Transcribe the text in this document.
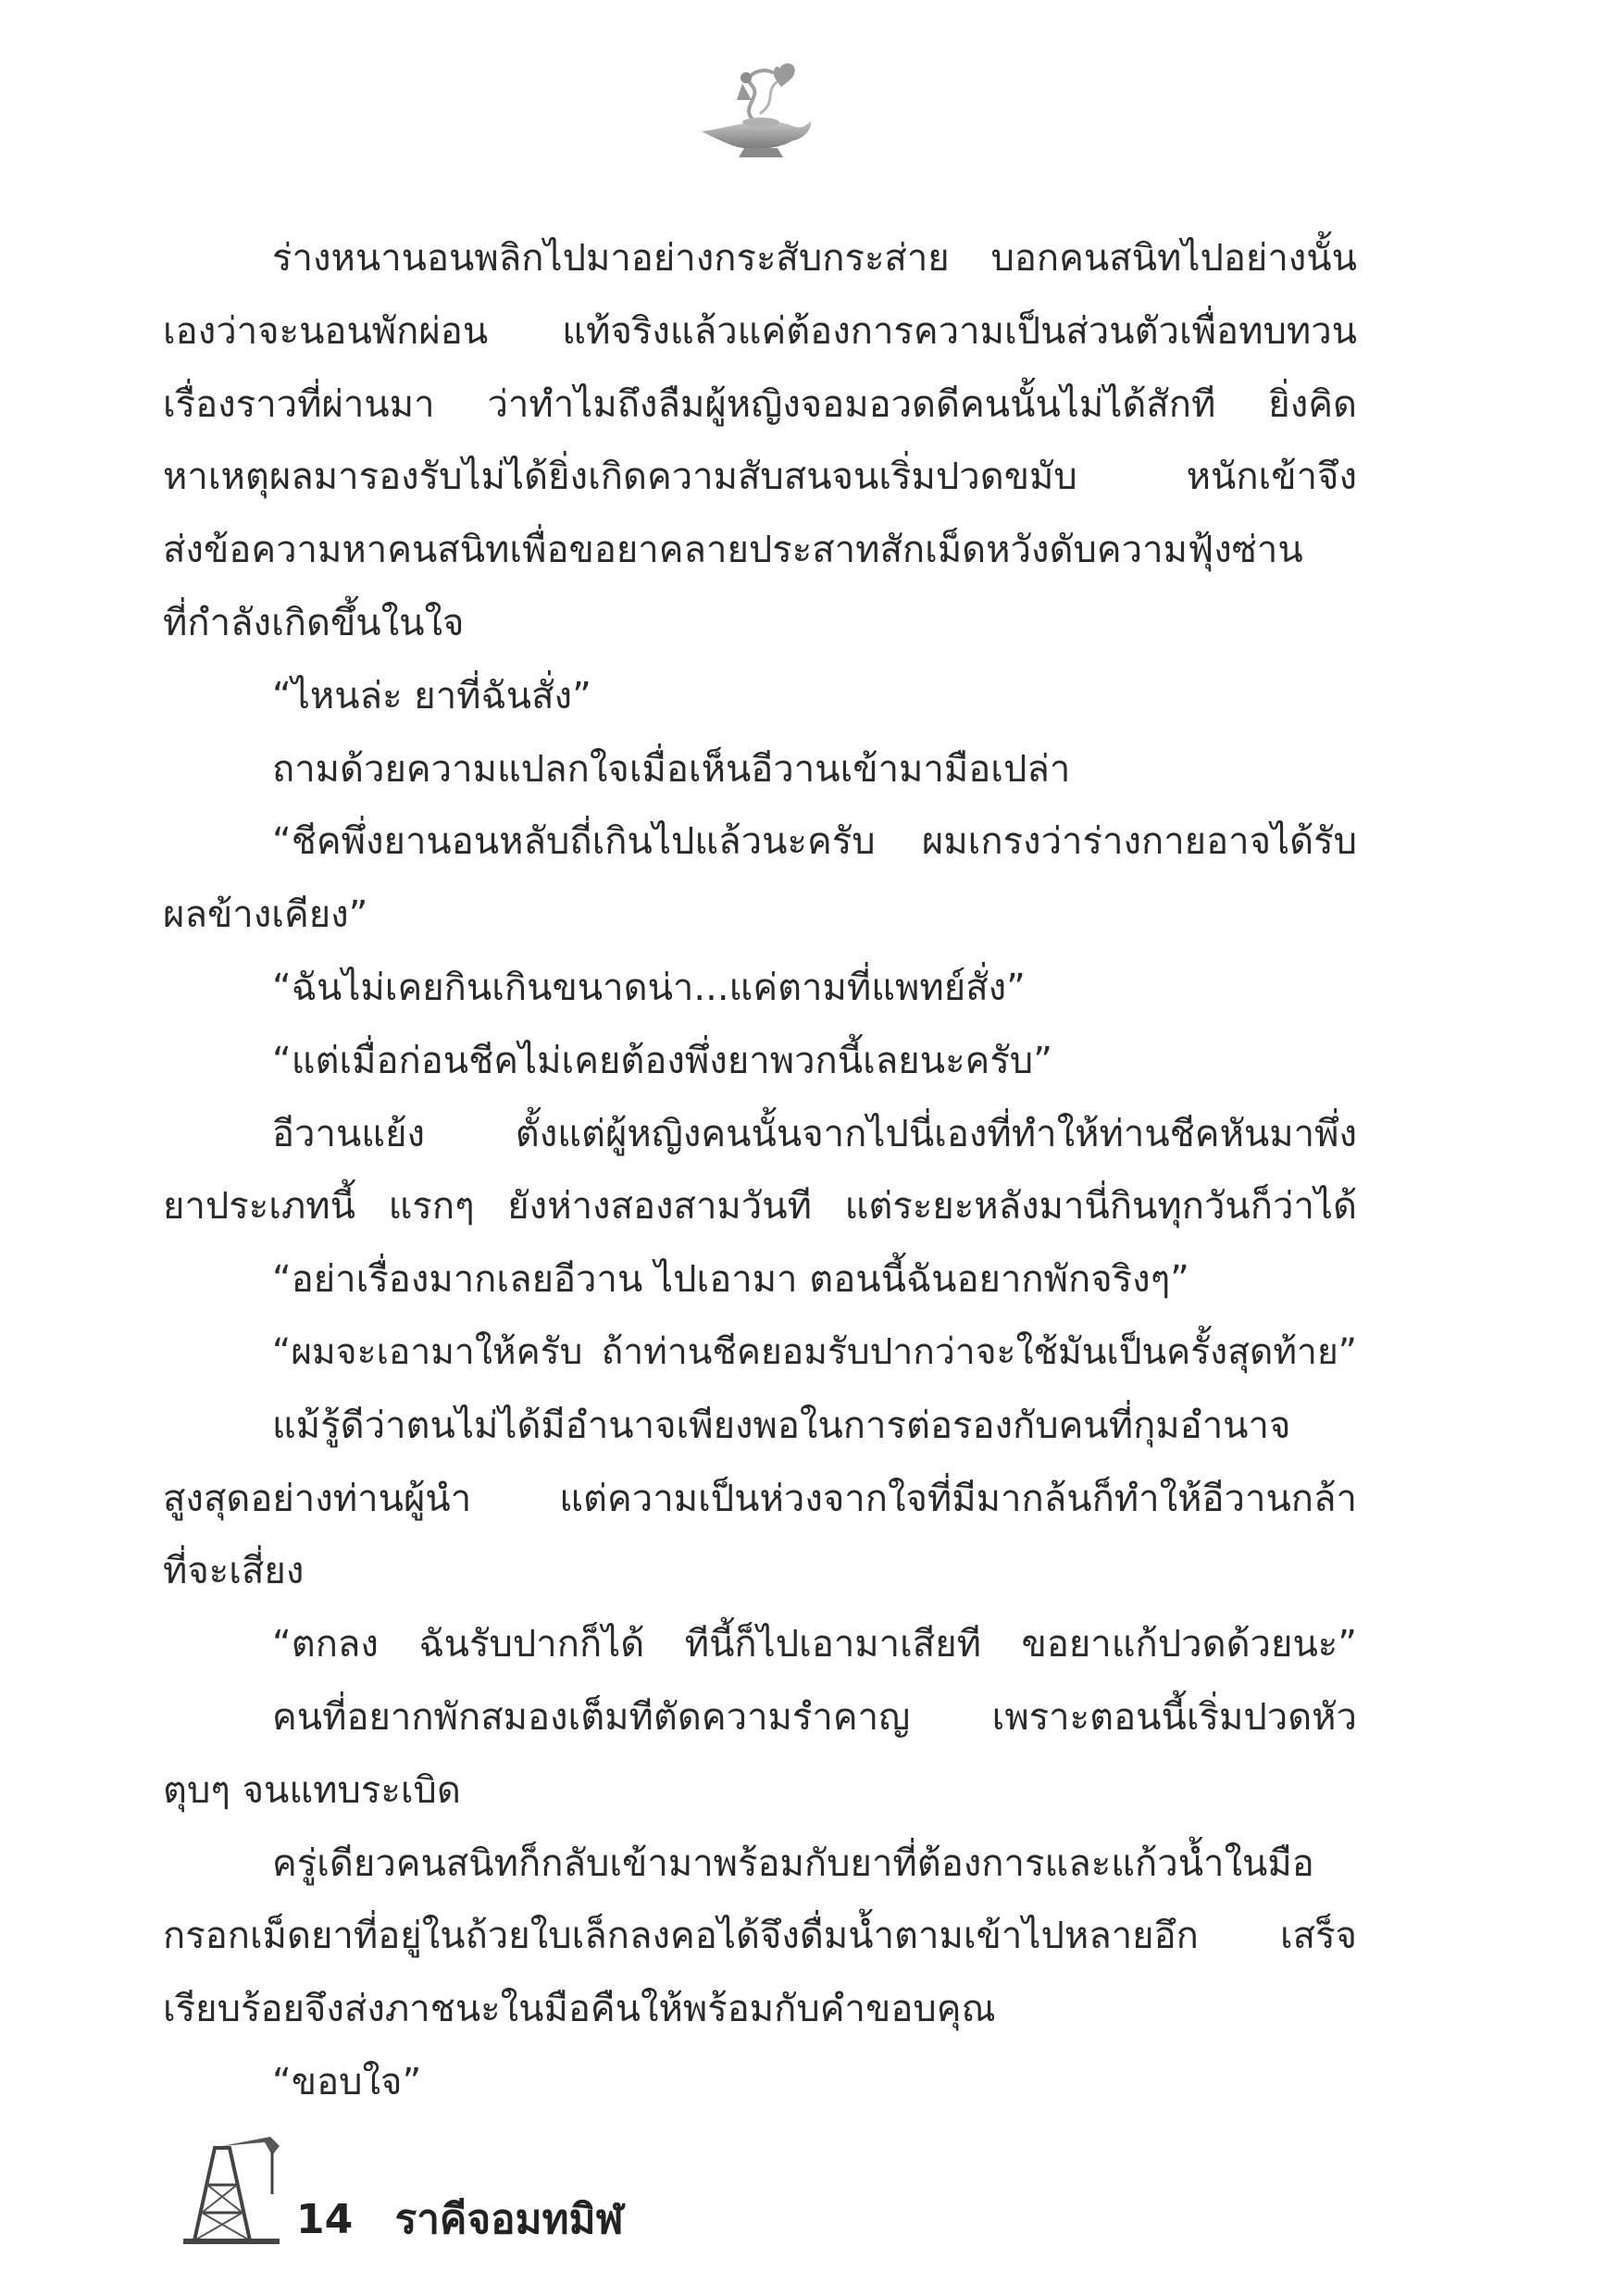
ร่างหนานอนพลิกไปมาอย่างกระสับกระส่าย บอกคนสนิทไปอย่างนั้น
เองว่าจะนอนพักผ่อน แท้จริงแล้วแค่ต้องการความเป็นส่วนตัวเพื่อทบทวน
เรื่องราวที่ผ่านมา ว่าทำไมถึงลืมผู้หญิงจอมอวดดีคนนั้นไม่ได้สักที ยิ่งคิด
หาเหตุผลมารองรับไม่ได้ยิ่งเกิดความสับสนจนเริ่มปวดขมับ หนักเข้าจึง
ส่งข้อความหาคนสนิทเพื่อขอยาคลายประสาทสักเม็ดหวังดับความฟุ้งซ่าน
ที่กำลังเกิดขึ้นในใจ
“ไหนล่ะ ยาที่ฉันสั่ง”
ถามด้วยความแปลกใจเมื่อเห็นอีวานเข้ามามือเปล่า
“ชีคพึ่งยานอนหลับถี่เกินไปแล้วนะครับ ผมเกรงว่าร่างกายอาจได้รับ
ผลข้างเคียง”
“ฉันไม่เคยกินเกินขนาดน่า...แค่ตามที่แพทย์สั่ง”
“แต่เมื่อก่อนชีคไม่เคยต้องพึ่งยาพวกนี้เลยนะครับ”
อีวานแย้ง ตั้งแต่ผู้หญิงคนนั้นจากไปนี่เองที่ทำให้ท่านชีคหันมาพึ่ง
ยาประเภทนี้ แรกๆ ยังห่างสองสามวันที แต่ระยะหลังมานี่กินทุกวันก็ว่าได้
“อย่าเรื่องมากเลยอีวาน ไปเอามา ตอนนี้ฉันอยากพักจริงๆ”
“ผมจะเอามาให้ครับ ถ้าท่านชีคยอมรับปากว่าจะใช้มันเป็นครั้งสุดท้าย”
แม้รู้ดีว่าตนไม่ได้มีอำนาจเพียงพอในการต่อรองกับคนที่กุมอำนาจ
สูงสุดอย่างท่านผู้นำ แต่ความเป็นห่วงจากใจที่มีมากล้นก็ทำให้อีวานกล้า
ที่จะเสี่ยง
“ตกลง ฉันรับปากก็ได้ ทีนี้ก็ไปเอามาเสียที ขอยาแก้ปวดด้วยนะ”
คนที่อยากพักสมองเต็มทีตัดความรำคาญ เพราะตอนนี้เริ่มปวดหัว
ตุบๆ จนแทบระเบิด
ครู่เดียวคนสนิทก็กลับเข้ามาพร้อมกับยาที่ต้องการและแก้วน้ำในมือ
กรอกเม็ดยาที่อยู่ในถ้วยใบเล็กลงคอได้จึงดื่มน้ำตามเข้าไปหลายอึก เสร็จ
เรียบร้อยจึงส่งภาชนะในมือคืนให้พร้อมกับคำขอบคุณ
“ขอบใจ”
14 ราคีจอมทมิฬ
